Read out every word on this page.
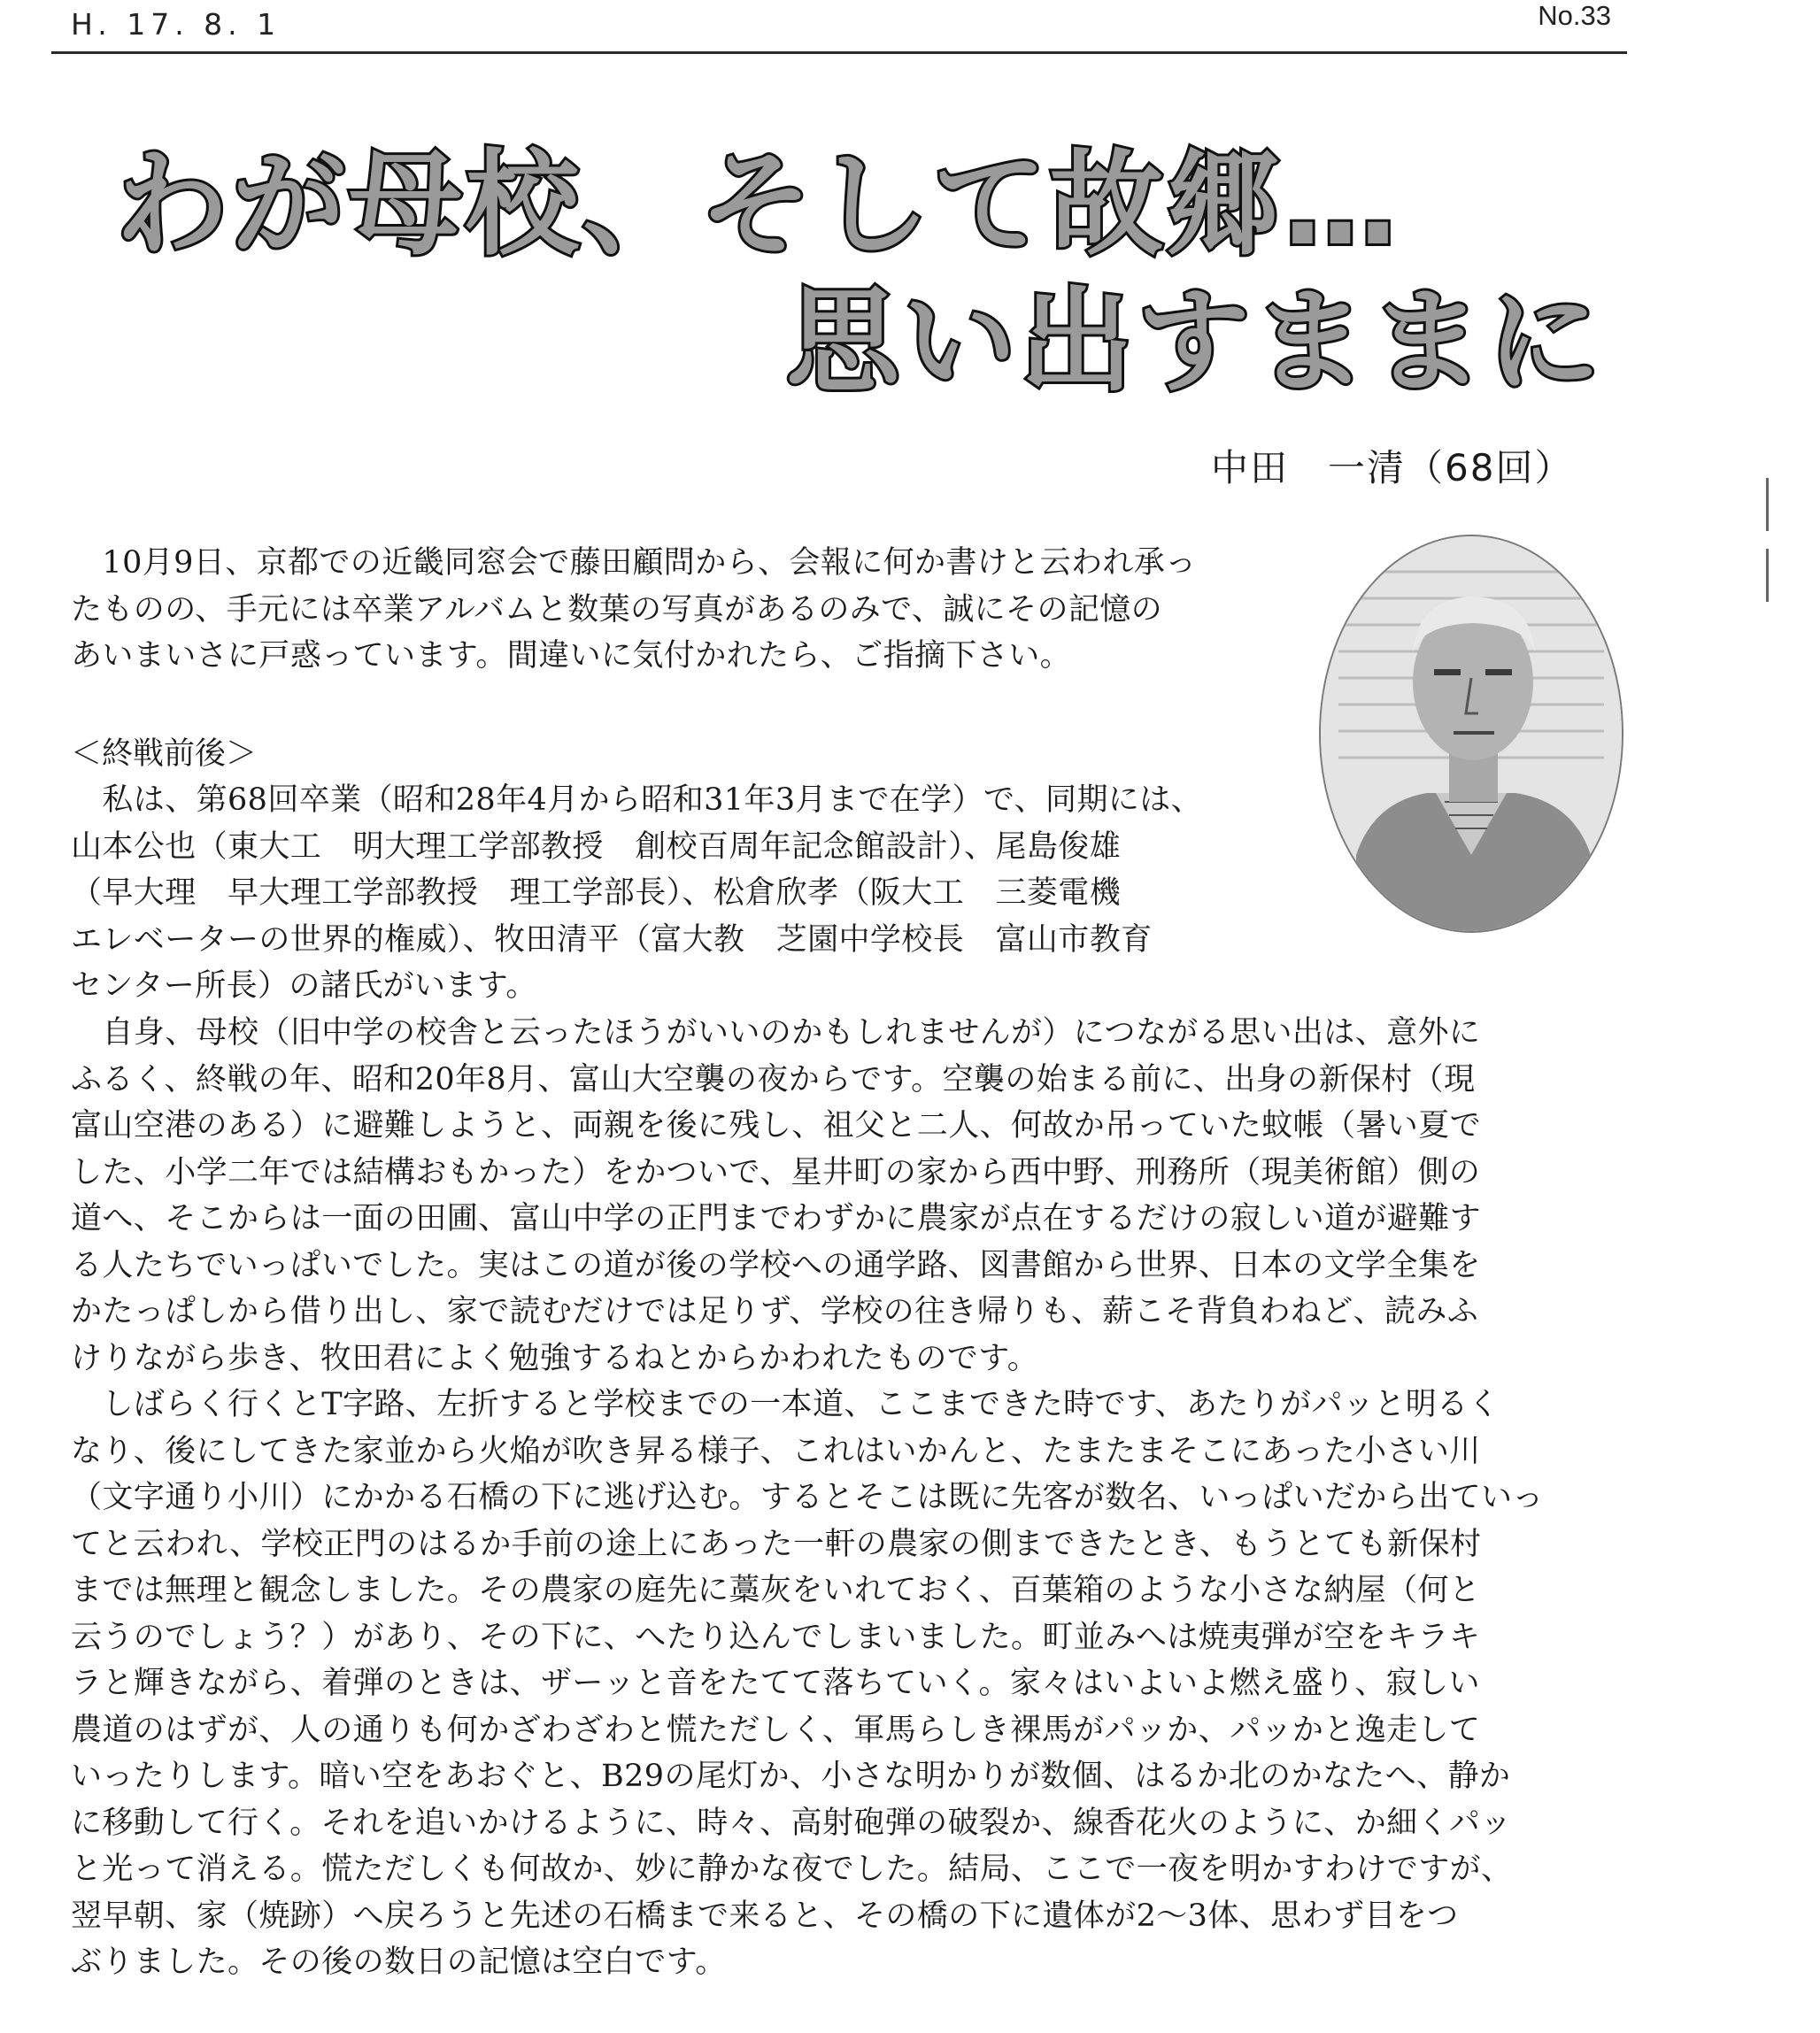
H. 17. 8. 1	No.33
わが母校、そして故郷…
思い出すままに
中田　一清（68回）

　10月9日、京都での近畿同窓会で藤田顧問から、会報に何か書けと云われ承っ

たものの、手元には卒業アルバムと数葉の写真があるのみで、誠にその記憶の

あいまいさに戸惑っています。間違いに気付かれたら、ご指摘下さい。

＜終戦前後＞

　私は、第68回卒業（昭和28年4月から昭和31年3月まで在学）で、同期には、

山本公也（東大工　明大理工学部教授　創校百周年記念館設計）、尾島俊雄

（早大理　早大理工学部教授　理工学部長）、松倉欣孝（阪大工　三菱電機

エレベーターの世界的権威）、牧田清平（富大教　芝園中学校長　富山市教育

センター所長）の諸氏がいます。

　自身、母校（旧中学の校舎と云ったほうがいいのかもしれませんが）につながる思い出は、意外に

ふるく、終戦の年、昭和20年8月、富山大空襲の夜からです。空襲の始まる前に、出身の新保村（現

富山空港のある）に避難しようと、両親を後に残し、祖父と二人、何故か吊っていた蚊帳（暑い夏で

した、小学二年では結構おもかった）をかついで、星井町の家から西中野、刑務所（現美術館）側の

道へ、そこからは一面の田圃、富山中学の正門までわずかに農家が点在するだけの寂しい道が避難す

る人たちでいっぱいでした。実はこの道が後の学校への通学路、図書館から世界、日本の文学全集を

かたっぱしから借り出し、家で読むだけでは足りず、学校の往き帰りも、薪こそ背負わねど、読みふ

けりながら歩き、牧田君によく勉強するねとからかわれたものです。

　しばらく行くとT字路、左折すると学校までの一本道、ここまできた時です、あたりがパッと明るく

なり、後にしてきた家並から火焔が吹き昇る様子、これはいかんと、たまたまそこにあった小さい川

（文字通り小川）にかかる石橋の下に逃げ込む。するとそこは既に先客が数名、いっぱいだから出ていっ

てと云われ、学校正門のはるか手前の途上にあった一軒の農家の側まできたとき、もうとても新保村

までは無理と観念しました。その農家の庭先に藁灰をいれておく、百葉箱のような小さな納屋（何と

云うのでしょう？）があり、その下に、へたり込んでしまいました。町並みへは焼夷弾が空をキラキ

ラと輝きながら、着弾のときは、ザーッと音をたてて落ちていく。家々はいよいよ燃え盛り、寂しい

農道のはずが、人の通りも何かざわざわと慌ただしく、軍馬らしき裸馬がパッか、パッかと逸走して

いったりします。暗い空をあおぐと、B29の尾灯か、小さな明かりが数個、はるか北のかなたへ、静か

に移動して行く。それを追いかけるように、時々、高射砲弾の破裂か、線香花火のように、か細くパッ

と光って消える。慌ただしくも何故か、妙に静かな夜でした。結局、ここで一夜を明かすわけですが、

翌早朝、家（焼跡）へ戻ろうと先述の石橋まで来ると、その橋の下に遺体が2～3体、思わず目をつ

ぶりました。その後の数日の記憶は空白です。
